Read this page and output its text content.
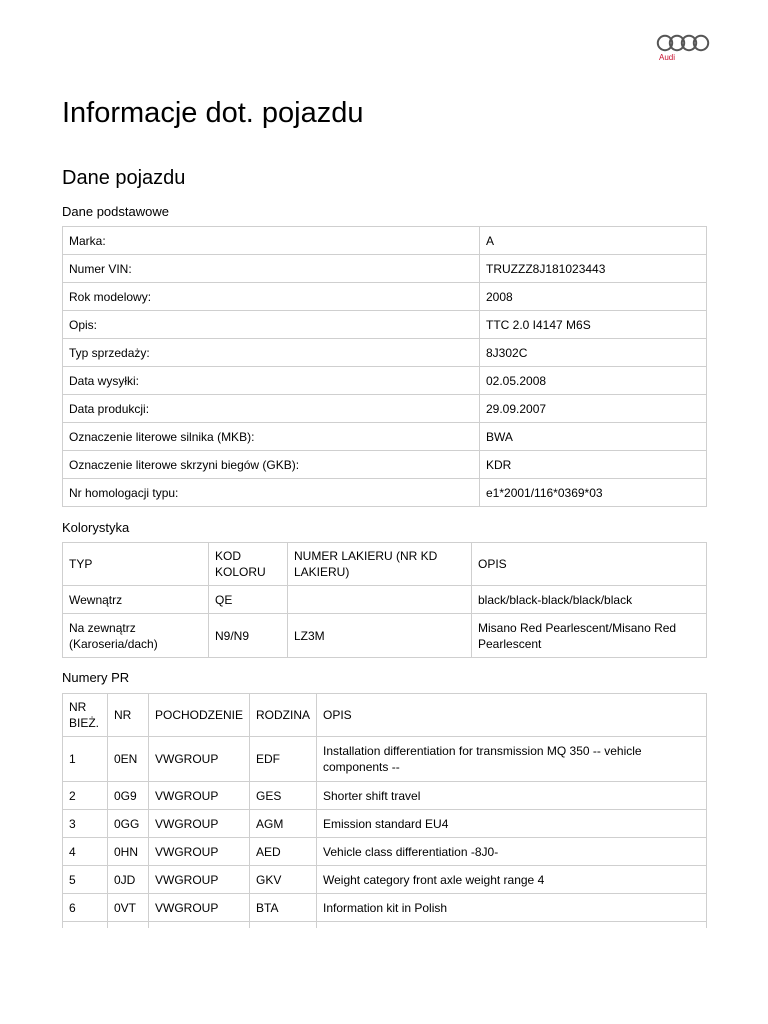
Audi
Informacje dot. pojazdu
Dane pojazdu
Dane podstawowe
Marka:	A
Numer VIN:	TRUZZZ8J181023443
Rok modelowy:	2008
Opis:	TTC 2.0 I4147 M6S
Typ sprzedaży:	8J302C
Data wysyłki:	02.05.2008
Data produkcji:	29.09.2007
Oznaczenie literowe silnika (MKB):	BWA
Oznaczenie literowe skrzyni biegów (GKB):	KDR
Nr homologacji typu:	e1*2001/116*0369*03
Kolorystyka
TYP	KOD KOLORU	NUMER LAKIERU (NR KD LAKIERU)	OPIS
Wewnątrz	QE		black/black-black/black/black
Na zewnątrz (Karoseria/dach)	N9/N9	LZ3M	Misano Red Pearlescent/Misano Red Pearlescent
Numery PR
NR BIEŻ.	NR	POCHODZENIE	RODZINA	OPIS
1	0EN	VWGROUP	EDF	Installation differentiation for transmission MQ 350 -- vehicle components --
2	0G9	VWGROUP	GES	Shorter shift travel
3	0GG	VWGROUP	AGM	Emission standard EU4
4	0HN	VWGROUP	AED	Vehicle class differentiation -8J0-
5	0JD	VWGROUP	GKV	Weight category front axle weight range 4
6	0VT	VWGROUP	BTA	Information kit in Polish
